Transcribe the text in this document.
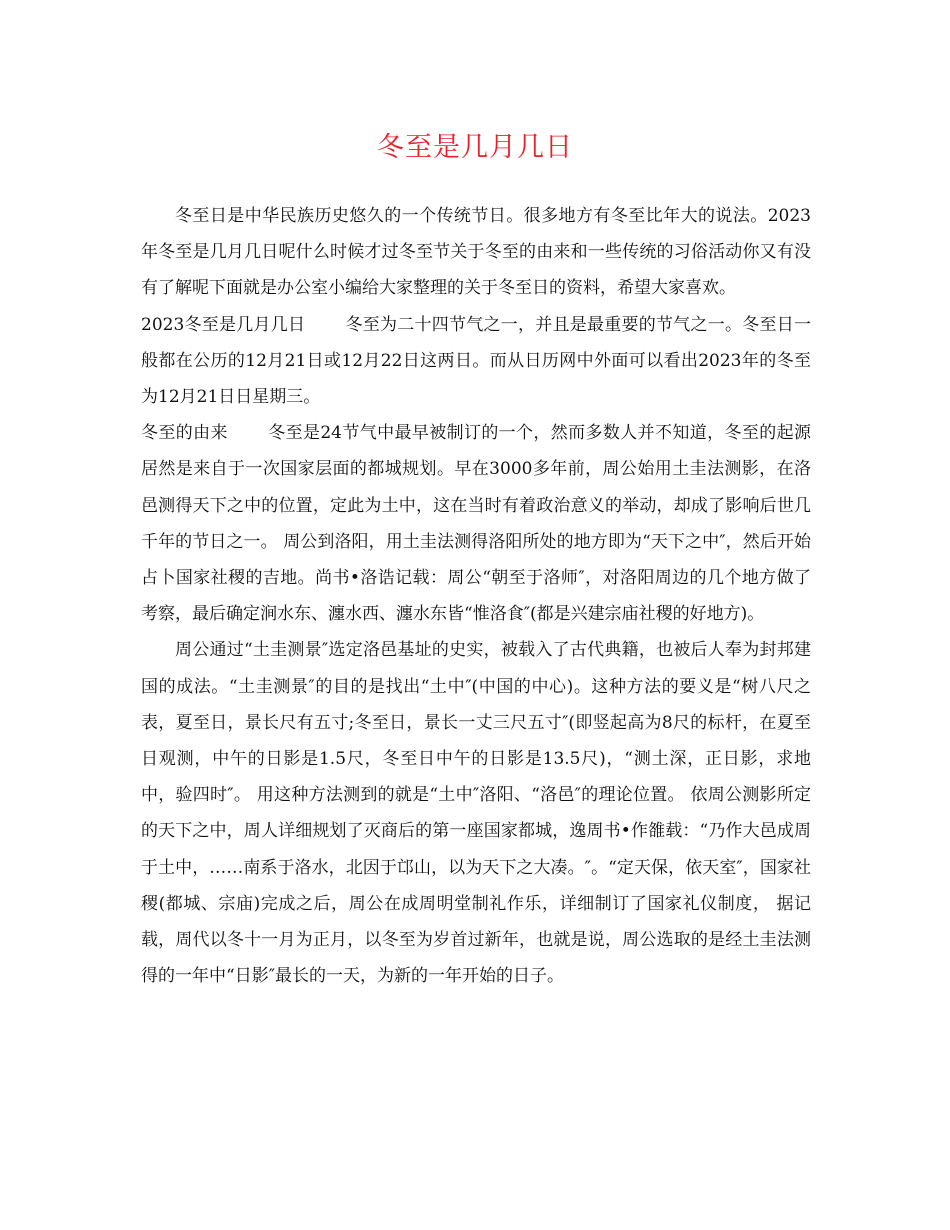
冬至是几月几日

冬至日是中华民族历史悠久的一个传统节日。很多地方有冬至比年大的说法。2023年冬至是几月几日呢什么时候才过冬至节关于冬至的由来和一些传统的习俗活动你又有没有了解呢下面就是办公室小编给大家整理的关于冬至日的资料，希望大家喜欢。

2023冬至是几月几日 冬至为二十四节气之一，并且是最重要的节气之一。冬至日一般都在公历的12月21日或12月22日这两日。而从日历网中外面可以看出2023年的冬至为12月21日日星期三。

冬至的由来 冬至是24节气中最早被制订的一个，然而多数人并不知道，冬至的起源居然是来自于一次国家层面的都城规划。早在3000多年前，周公始用土圭法测影，在洛邑测得天下之中的位置，定此为土中，这在当时有着政治意义的举动，却成了影响后世几千年的节日之一。 周公到洛阳，用土圭法测得洛阳所处的地方即为“天下之中″，然后开始占卜国家社稷的吉地。尚书•洛诰记载：周公“朝至于洛师″，对洛阳周边的几个地方做了考察，最后确定涧水东、瀍水西、瀍水东皆“惟洛食″(都是兴建宗庙社稷的好地方)。

周公通过“土圭测景″选定洛邑基址的史实，被载入了古代典籍，也被后人奉为封邦建国的成法。“土圭测景″的目的是找出“土中″(中国的中心)。这种方法的要义是“树八尺之表，夏至日，景长尺有五寸;冬至日，景长一丈三尺五寸″(即竖起高为8尺的标杆，在夏至日观测，中午的日影是1.5尺，冬至日中午的日影是13.5尺)，“测土深，正日影，求地中，验四时″。 用这种方法测到的就是“土中″洛阳、“洛邑″的理论位置。 依周公测影所定的天下之中，周人详细规划了灭商后的第一座国家都城，逸周书•作雒载：“乃作大邑成周于土中，……南系于洛水，北因于邙山，以为天下之大凑。″。“定天保，依天室″，国家社稷(都城、宗庙)完成之后，周公在成周明堂制礼作乐，详细制订了国家礼仪制度， 据记载，周代以冬十一月为正月，以冬至为岁首过新年，也就是说，周公选取的是经土圭法测得的一年中“日影″最长的一天，为新的一年开始的日子。
